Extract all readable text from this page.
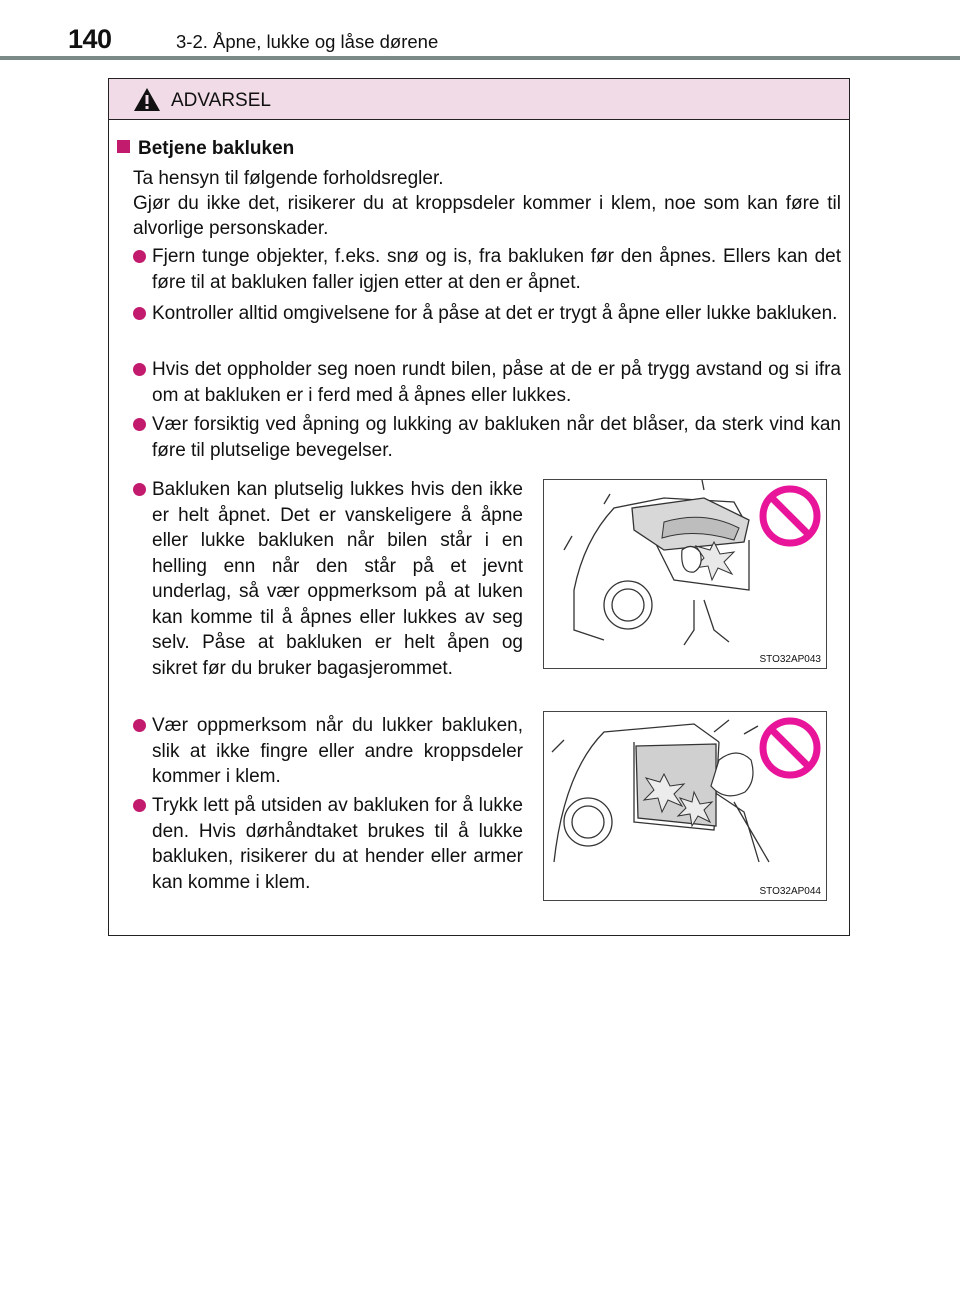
140	3-2. Åpne, lukke og låse dørene
ADVARSEL
Betjene bakluken
Ta hensyn til følgende forholdsregler.
Gjør du ikke det, risikerer du at kroppsdeler kommer i klem, noe som kan føre til alvorlige personskader.
Fjern tunge objekter, f.eks. snø og is, fra bakluken før den åpnes. Ellers kan det føre til at bakluken faller igjen etter at den er åpnet.
Kontroller alltid omgivelsene for å påse at det er trygt å åpne eller lukke bakluken.
Hvis det oppholder seg noen rundt bilen, påse at de er på trygg avstand og si ifra om at bakluken er i ferd med å åpnes eller lukkes.
Vær forsiktig ved åpning og lukking av bakluken når det blåser, da sterk vind kan føre til plutselige bevegelser.
Bakluken kan plutselig lukkes hvis den ikke er helt åpnet. Det er vanskeligere å åpne eller lukke bakluken når bilen står i en helling enn når den står på et jevnt underlag, så vær oppmerksom på at luken kan komme til å åpnes eller lukkes av seg selv. Påse at bakluken er helt åpen og sikret før du bruker bagasjerommet.
Vær oppmerksom når du lukker bakluken, slik at ikke fingre eller andre kroppsdeler kommer i klem.
Trykk lett på utsiden av bakluken for å lukke den. Hvis dørhåndtaket brukes til å lukke bakluken, risikerer du at hender eller armer kan komme i klem.
STO32AP043
STO32AP044
